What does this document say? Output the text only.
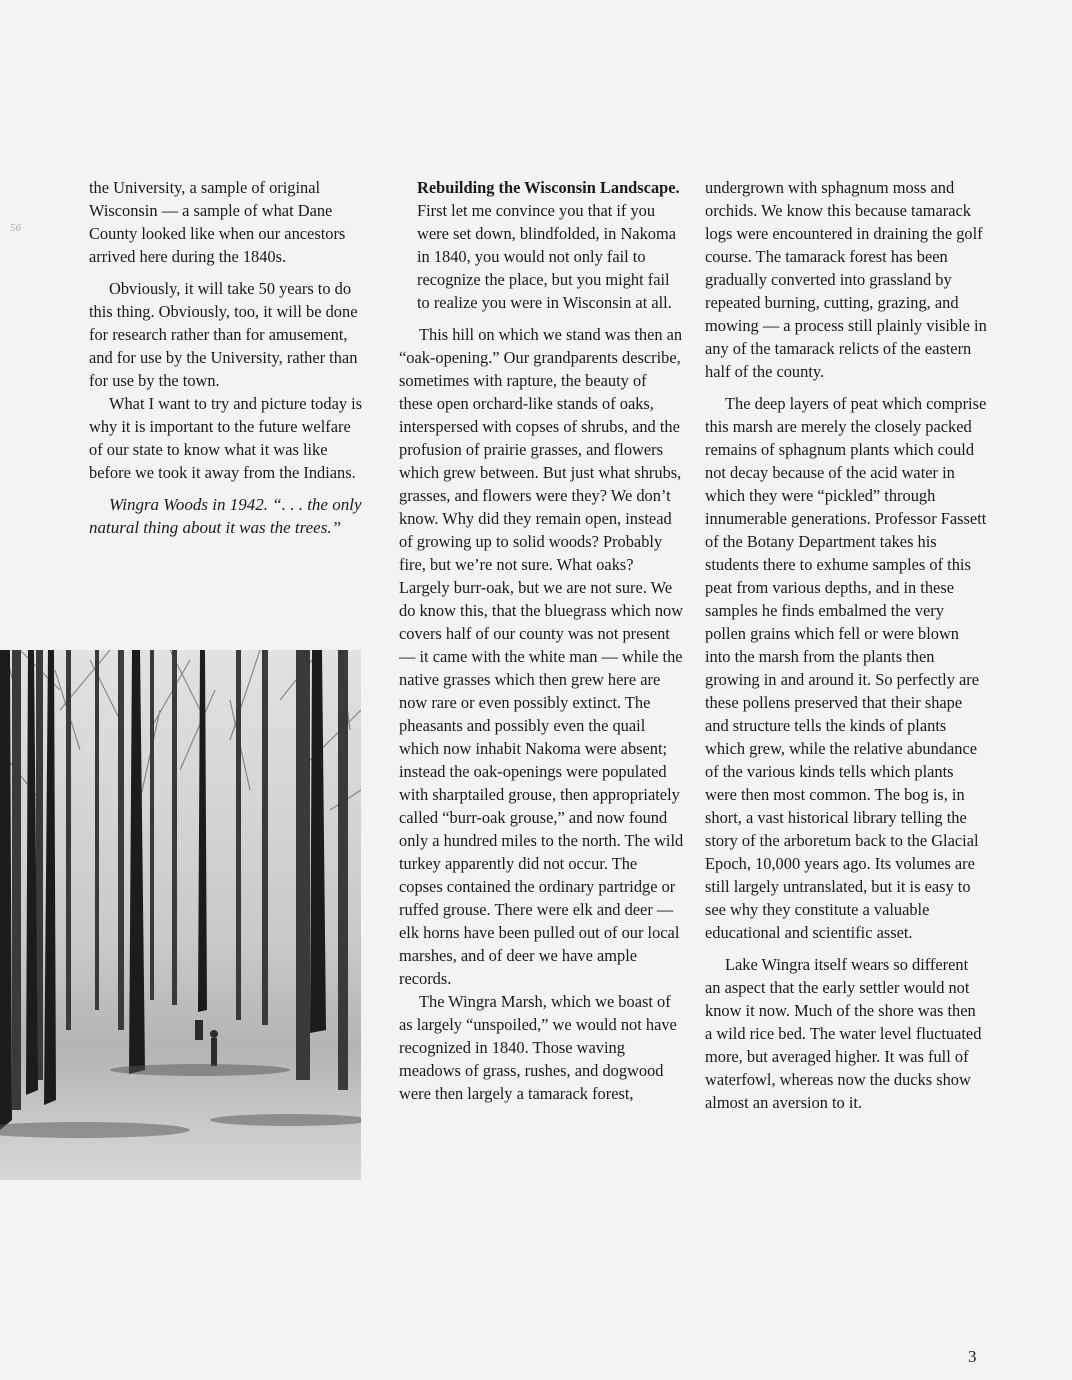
56

the University, a sample of original Wisconsin — a sample of what Dane County looked like when our ancestors arrived here during the 1840s.

Obviously, it will take 50 years to do this thing. Obviously, too, it will be done for research rather than for amusement, and for use by the University, rather than for use by the town.

What I want to try and picture today is why it is important to the future welfare of our state to know what it was like before we took it away from the Indians.

Wingra Woods in 1942. “. . . the only natural thing about it was the trees.”

Rebuilding the Wisconsin Landscape. First let me convince you that if you were set down, blindfolded, in Nakoma in 1840, you would not only fail to recognize the place, but you might fail to realize you were in Wisconsin at all.

This hill on which we stand was then an “oak-opening.” Our grandparents describe, sometimes with rapture, the beauty of these open orchard-like stands of oaks, interspersed with copses of shrubs, and the profusion of prairie grasses, and flowers which grew between. But just what shrubs, grasses, and flowers were they? We don’t know. Why did they remain open, instead of growing up to solid woods? Probably fire, but we’re not sure. What oaks? Largely burr-oak, but we are not sure. We do know this, that the bluegrass which now covers half of our county was not present — it came with the white man — while the native grasses which then grew here are now rare or even possibly extinct. The pheasants and possibly even the quail which now inhabit Nakoma were absent; instead the oak-openings were populated with sharptailed grouse, then appropriately called “burr-oak grouse,” and now found only a hundred miles to the north. The wild turkey apparently did not occur. The copses contained the ordinary partridge or ruffed grouse. There were elk and deer — elk horns have been pulled out of our local marshes, and of deer we have ample records.

The Wingra Marsh, which we boast of as largely “unspoiled,” we would not have recognized in 1840. Those waving meadows of grass, rushes, and dogwood were then largely a tamarack forest,

undergrown with sphagnum moss and orchids. We know this because tamarack logs were encountered in draining the golf course. The tamarack forest has been gradually converted into grassland by repeated burning, cutting, grazing, and mowing — a process still plainly visible in any of the tamarack relicts of the eastern half of the county.

The deep layers of peat which comprise this marsh are merely the closely packed remains of sphagnum plants which could not decay because of the acid water in which they were “pickled” through innumerable generations. Professor Fassett of the Botany Department takes his students there to exhume samples of this peat from various depths, and in these samples he finds embalmed the very pollen grains which fell or were blown into the marsh from the plants then growing in and around it. So perfectly are these pollens preserved that their shape and structure tells the kinds of plants which grew, while the relative abundance of the various kinds tells which plants were then most common. The bog is, in short, a vast historical library telling the story of the arboretum back to the Glacial Epoch, 10,000 years ago. Its volumes are still largely untranslated, but it is easy to see why they constitute a valuable educational and scientific asset.

Lake Wingra itself wears so different an aspect that the early settler would not know it now. Much of the shore was then a wild rice bed. The water level fluctuated more, but averaged higher. It was full of waterfowl, whereas now the ducks show almost an aversion to it.

3
